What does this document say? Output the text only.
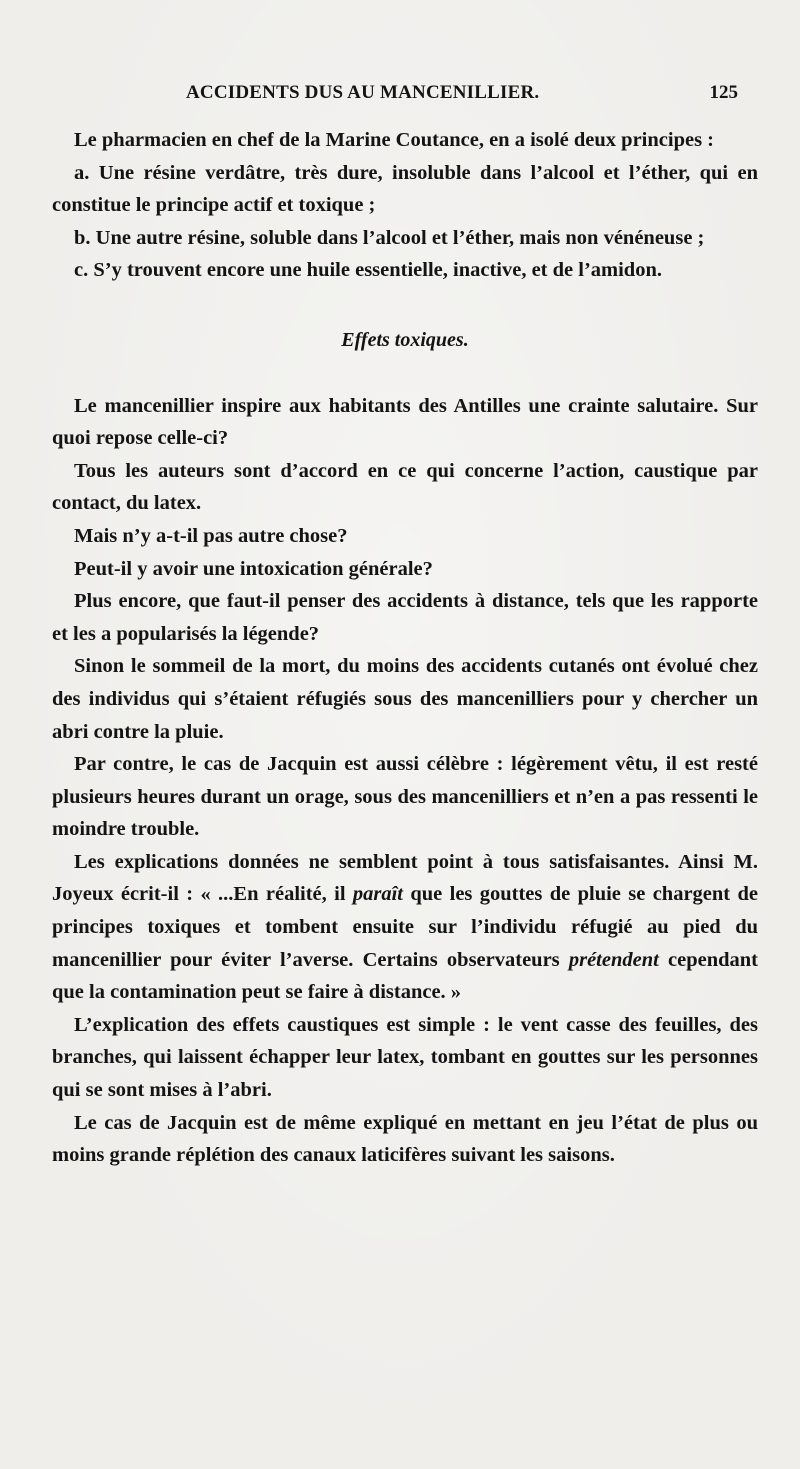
ACCIDENTS DUS AU MANCENILLIER.	125

Le pharmacien en chef de la Marine Coutance, en a isolé deux principes :

a. Une résine verdâtre, très dure, insoluble dans l’alcool et l’éther, qui en constitue le principe actif et toxique ;

b. Une autre résine, soluble dans l’alcool et l’éther, mais non vénéneuse ;

c. S’y trouvent encore une huile essentielle, inactive, et de l’amidon.

Effets toxiques.

Le mancenillier inspire aux habitants des Antilles une crainte salutaire. Sur quoi repose celle-ci?

Tous les auteurs sont d’accord en ce qui concerne l’action, caustique par contact, du latex.

Mais n’y a-t-il pas autre chose?

Peut-il y avoir une intoxication générale?

Plus encore, que faut-il penser des accidents à distance, tels que les rapporte et les a popularisés la légende?

Sinon le sommeil de la mort, du moins des accidents cutanés ont évolué chez des individus qui s’étaient réfugiés sous des mancenilliers pour y chercher un abri contre la pluie.

Par contre, le cas de Jacquin est aussi célèbre : légèrement vêtu, il est resté plusieurs heures durant un orage, sous des mancenilliers et n’en a pas ressenti le moindre trouble.

Les explications données ne semblent point à tous satisfaisantes. Ainsi M. Joyeux écrit-il : « ...En réalité, il paraît que les gouttes de pluie se chargent de principes toxiques et tombent ensuite sur l’individu réfugié au pied du mancenillier pour éviter l’averse. Certains observateurs prétendent cependant que la contamination peut se faire à distance. »

L’explication des effets caustiques est simple : le vent casse des feuilles, des branches, qui laissent échapper leur latex, tombant en gouttes sur les personnes qui se sont mises à l’abri.

Le cas de Jacquin est de même expliqué en mettant en jeu l’état de plus ou moins grande réplétion des canaux laticifères suivant les saisons.
